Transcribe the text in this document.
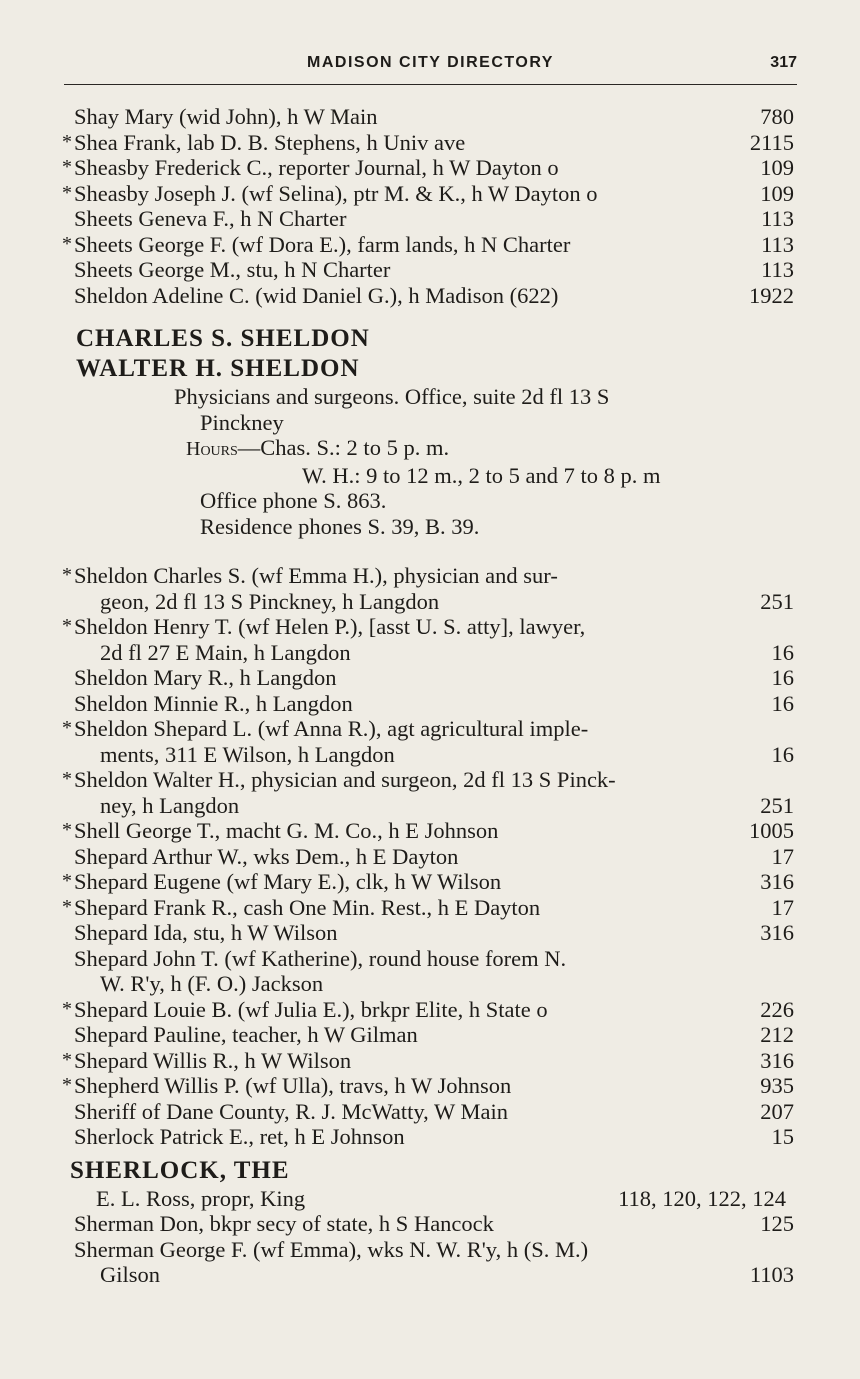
MADISON CITY DIRECTORY	317
Shay Mary (wid John), h W Main	780
* Shea Frank, lab D. B. Stephens, h Univ ave	2115
* Sheasby Frederick C., reporter Journal, h W Dayton o	109
* Sheasby Joseph J. (wf Selina), ptr M. & K., h W Dayton o	109
Sheets Geneva F., h N Charter	113
* Sheets George F. (wf Dora E.), farm lands, h N Charter	113
Sheets George M., stu, h N Charter	113
Sheldon Adeline C. (wid Daniel G.), h Madison (622)	1922
CHARLES S. SHELDON
WALTER H. SHELDON
Physicians and surgeons. Office, suite 2d fl 13 S
Pinckney
Hours—Chas. S.: 2 to 5 p. m.
W. H.: 9 to 12 m., 2 to 5 and 7 to 8 p. m
Office phone S. 863.
Residence phones S. 39, B. 39.
* Sheldon Charles S. (wf Emma H.), physician and sur-
geon, 2d fl 13 S Pinckney, h Langdon	251
* Sheldon Henry T. (wf Helen P.), [asst U. S. atty], lawyer,
2d fl 27 E Main, h Langdon	16
Sheldon Mary R., h Langdon	16
Sheldon Minnie R., h Langdon	16
* Sheldon Shepard L. (wf Anna R.), agt agricultural imple-
ments, 311 E Wilson, h Langdon	16
* Sheldon Walter H., physician and surgeon, 2d fl 13 S Pinck-
ney, h Langdon	251
* Shell George T., macht G. M. Co., h E Johnson	1005
Shepard Arthur W., wks Dem., h E Dayton	17
* Shepard Eugene (wf Mary E.), clk, h W Wilson	316
* Shepard Frank R., cash One Min. Rest., h E Dayton	17
Shepard Ida, stu, h W Wilson	316
Shepard John T. (wf Katherine), round house forem N.
W. R'y, h (F. O.) Jackson
* Shepard Louie B. (wf Julia E.), brkpr Elite, h State o	226
Shepard Pauline, teacher, h W Gilman	212
* Shepard Willis R., h W Wilson	316
* Shepherd Willis P. (wf Ulla), travs, h W Johnson	935
Sheriff of Dane County, R. J. McWatty, W Main	207
Sherlock Patrick E., ret, h E Johnson	15
SHERLOCK, THE
E. L. Ross, propr, King	118, 120, 122, 124
Sherman Don, bkpr secy of state, h S Hancock	125
Sherman George F. (wf Emma), wks N. W. R'y, h (S. M.)
Gilson	1103
